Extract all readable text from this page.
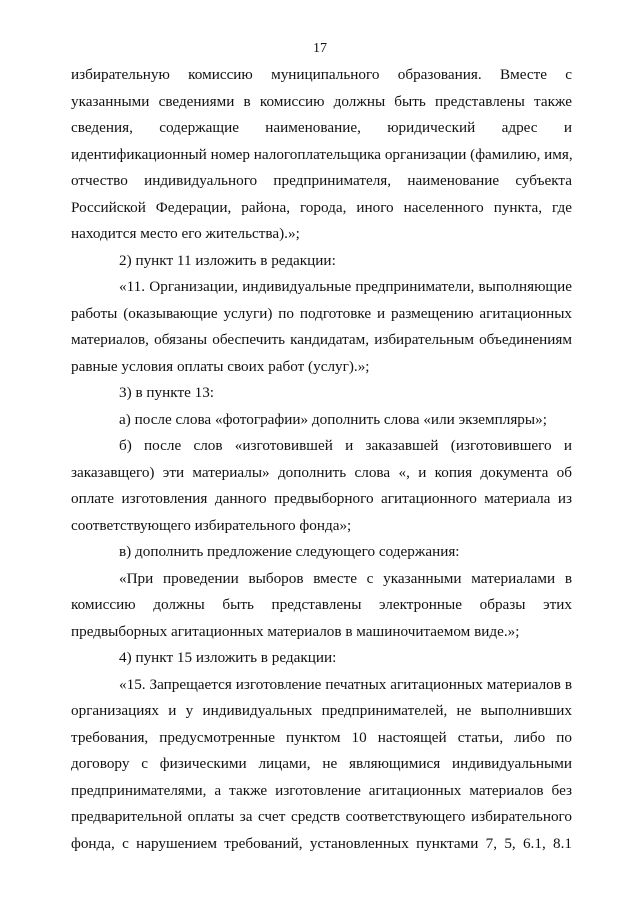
17
избирательную комиссию муниципального образования. Вместе с
указанными сведениями в комиссию должны быть представлены также
сведения, содержащие наименование, юридический адрес и
идентификационный номер налогоплательщика организации (фамилию, имя,
отчество индивидуального предпринимателя, наименование субъекта
Российской Федерации, района, города, иного населенного пункта, где
находится место его жительства).»;
2) пункт 11 изложить в редакции:
«11. Организации, индивидуальные предприниматели, выполняющие
работы (оказывающие услуги) по подготовке и размещению агитационных
материалов, обязаны обеспечить кандидатам, избирательным объединениям
равные условия оплаты своих работ (услуг).»;
3) в пункте 13:
а) после слова «фотографии» дополнить слова «или экземпляры»;
б) после слов «изготовившей и заказавшей (изготовившего и
заказавщего) эти материалы» дополнить слова «, и копия документа об
оплате изготовления данного предвыборного агитационного материала из
соответствующего избирательного фонда»;
в) дополнить предложение следующего содержания:
«При проведении выборов вместе с указанными материалами в
комиссию должны быть представлены электронные образы этих
предвыборных агитационных материалов в машиночитаемом виде.»;
4) пункт 15 изложить в редакции:
«15. Запрещается изготовление печатных агитационных материалов в
организациях и у индивидуальных предпринимателей, не выполнивших
требования, предусмотренные пунктом 10 настоящей статьи, либо по
договору с физическими лицами, не являющимися индивидуальными
предпринимателями, а также изготовление агитационных материалов без
предварительной оплаты за счет средств соответствующего избирательного
фонда, с нарушением требований, установленных пунктами 7, 5, 6.1, 8.1
